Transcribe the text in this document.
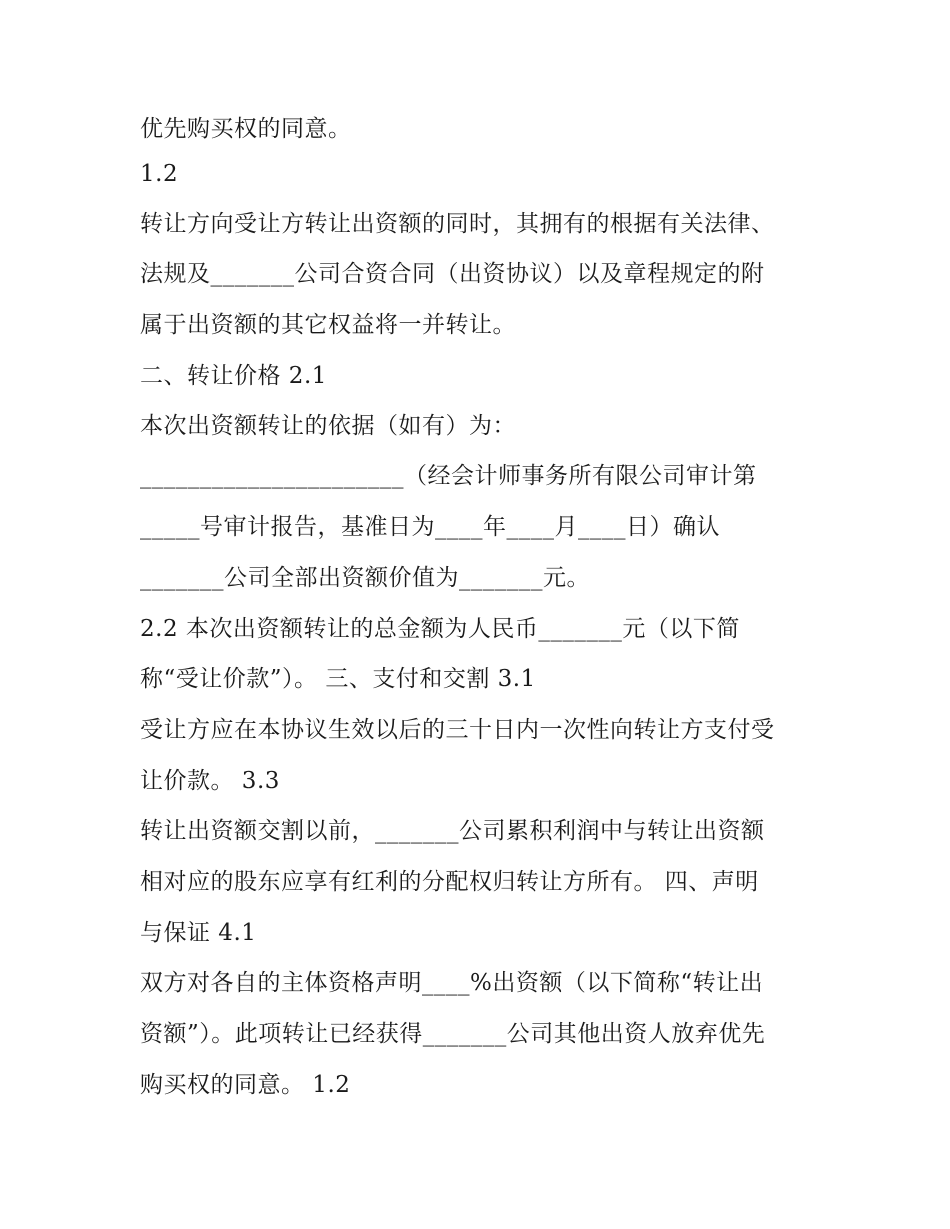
优先购买权的同意。
1.2
转让方向受让方转让出资额的同时，其拥有的根据有关法律、
法规及_______公司合资合同（出资协议）以及章程规定的附
属于出资额的其它权益将一并转让。
二、转让价格 2.1
本次出资额转让的依据（如有）为：
______________________（经会计师事务所有限公司审计第
_____号审计报告，基准日为____年____月____日）确认
_______公司全部出资额价值为_______元。
2.2 本次出资额转让的总金额为人民币_______元（以下简
称“受让价款”）。 三、支付和交割 3.1
受让方应在本协议生效以后的三十日内一次性向转让方支付受
让价款。 3.3
转让出资额交割以前，_______公司累积利润中与转让出资额
相对应的股东应享有红利的分配权归转让方所有。 四、声明
与保证 4.1
双方对各自的主体资格声明____%出资额（以下简称“转让出
资额”）。此项转让已经获得_______公司其他出资人放弃优先
购买权的同意。 1.2
